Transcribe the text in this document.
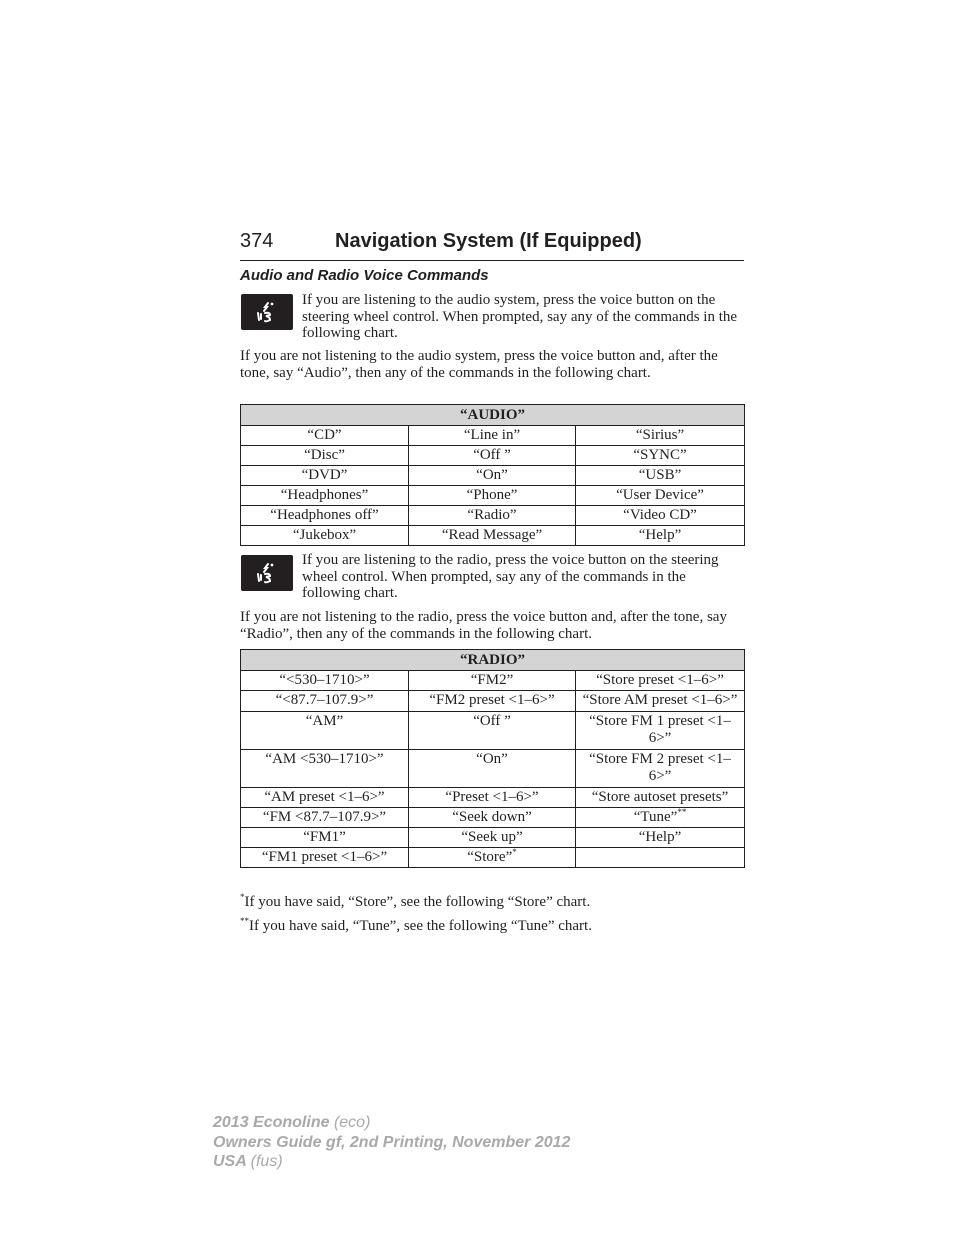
374	Navigation System (If Equipped)
Audio and Radio Voice Commands
If you are listening to the audio system, press the voice button on the steering wheel control. When prompted, say any of the commands in the following chart.
If you are not listening to the audio system, press the voice button and, after the tone, say “Audio”, then any of the commands in the following chart.
“AUDIO”		
“CD”	“Line in”	“Sirius”
“Disc”	“Off ”	“SYNC”
“DVD”	“On”	“USB”
“Headphones”	“Phone”	“User Device”
“Headphones off”	“Radio”	“Video CD”
“Jukebox”	“Read Message”	“Help”
If you are listening to the radio, press the voice button on the steering wheel control. When prompted, say any of the commands in the following chart.
If you are not listening to the radio, press the voice button and, after the tone, say “Radio”, then any of the commands in the following chart.
“RADIO”		
“<530–1710>”	“FM2”	“Store preset <1–6>”
“<87.7–107.9>”	“FM2 preset <1–6>”	“Store AM preset <1–6>”
“AM”	“Off ”	“Store FM 1 preset <1–6>”
“AM <530–1710>”	“On”	“Store FM 2 preset <1–6>”
“AM preset <1–6>”	“Preset <1–6>”	“Store autoset presets”
“FM <87.7–107.9>”	“Seek down”	“Tune”**
“FM1”	“Seek up”	“Help”
“FM1 preset <1–6>”	“Store”*	
*If you have said, “Store”, see the following “Store” chart.
**If you have said, “Tune”, see the following “Tune” chart.
2013 Econoline (eco)
Owners Guide gf, 2nd Printing, November 2012
USA (fus)
